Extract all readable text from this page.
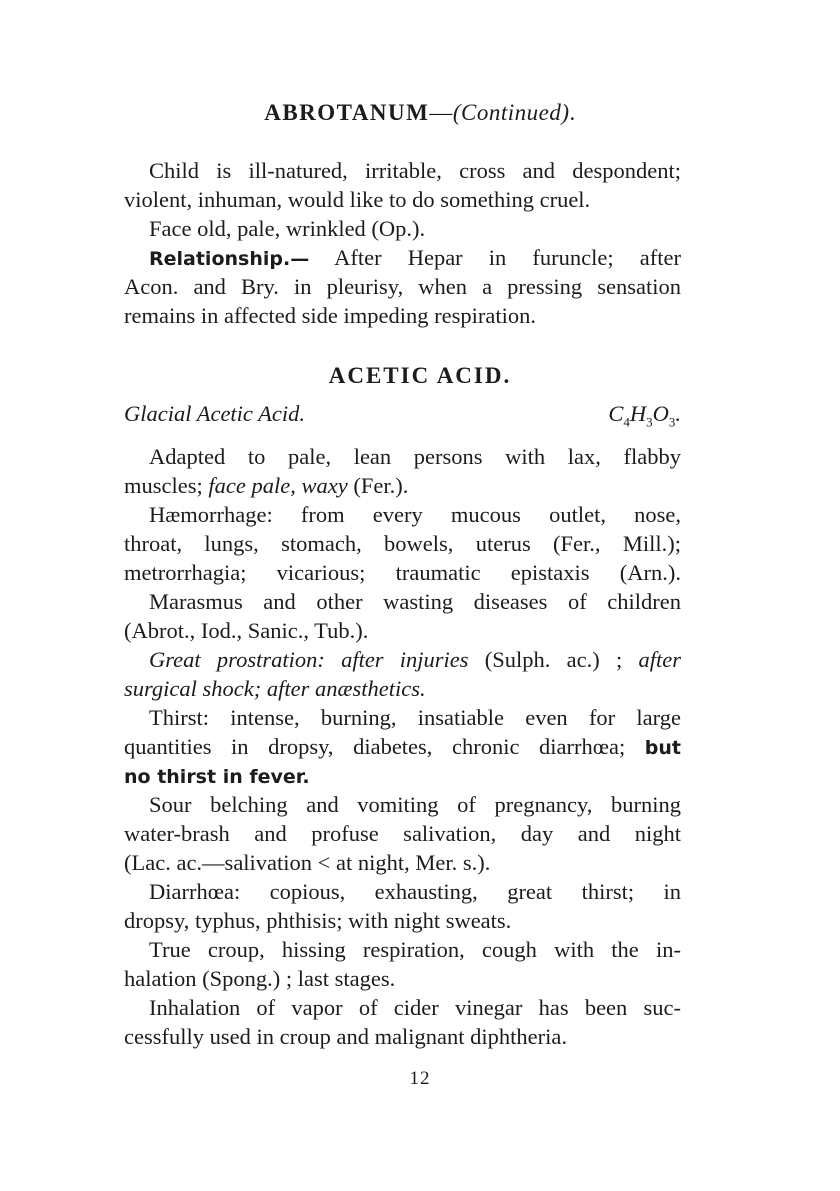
ABROTANUM—(Continued).
Child is ill-natured, irritable, cross and despondent;
violent, inhuman, would like to do something cruel.
Face old, pale, wrinkled (Op.).
Relationship.— After Hepar in furuncle; after
Acon. and Bry. in pleurisy, when a pressing sensation
remains in affected side impeding respiration.
ACETIC ACID.
Glacial Acetic Acid.	$C_4H_3O_3$.
Adapted to pale, lean persons with lax, flabby
muscles; face pale, waxy (Fer.).
Hæmorrhage: from every mucous outlet, nose,
throat, lungs, stomach, bowels, uterus (Fer., Mill.);
metrorrhagia; vicarious; traumatic epistaxis (Arn.).
Marasmus and other wasting diseases of children
(Abrot., Iod., Sanic., Tub.).
Great prostration: after injuries (Sulph. ac.) ; after
surgical shock; after anæsthetics.
Thirst: intense, burning, insatiable even for large
quantities in dropsy, diabetes, chronic diarrhœa; but
no thirst in fever.
Sour belching and vomiting of pregnancy, burning
water-brash and profuse salivation, day and night
(Lac. ac.—salivation < at night, Mer. s.).
Diarrhœa: copious, exhausting, great thirst; in
dropsy, typhus, phthisis; with night sweats.
True croup, hissing respiration, cough with the in-
halation (Spong.) ; last stages.
Inhalation of vapor of cider vinegar has been suc-
cessfully used in croup and malignant diphtheria.
12
